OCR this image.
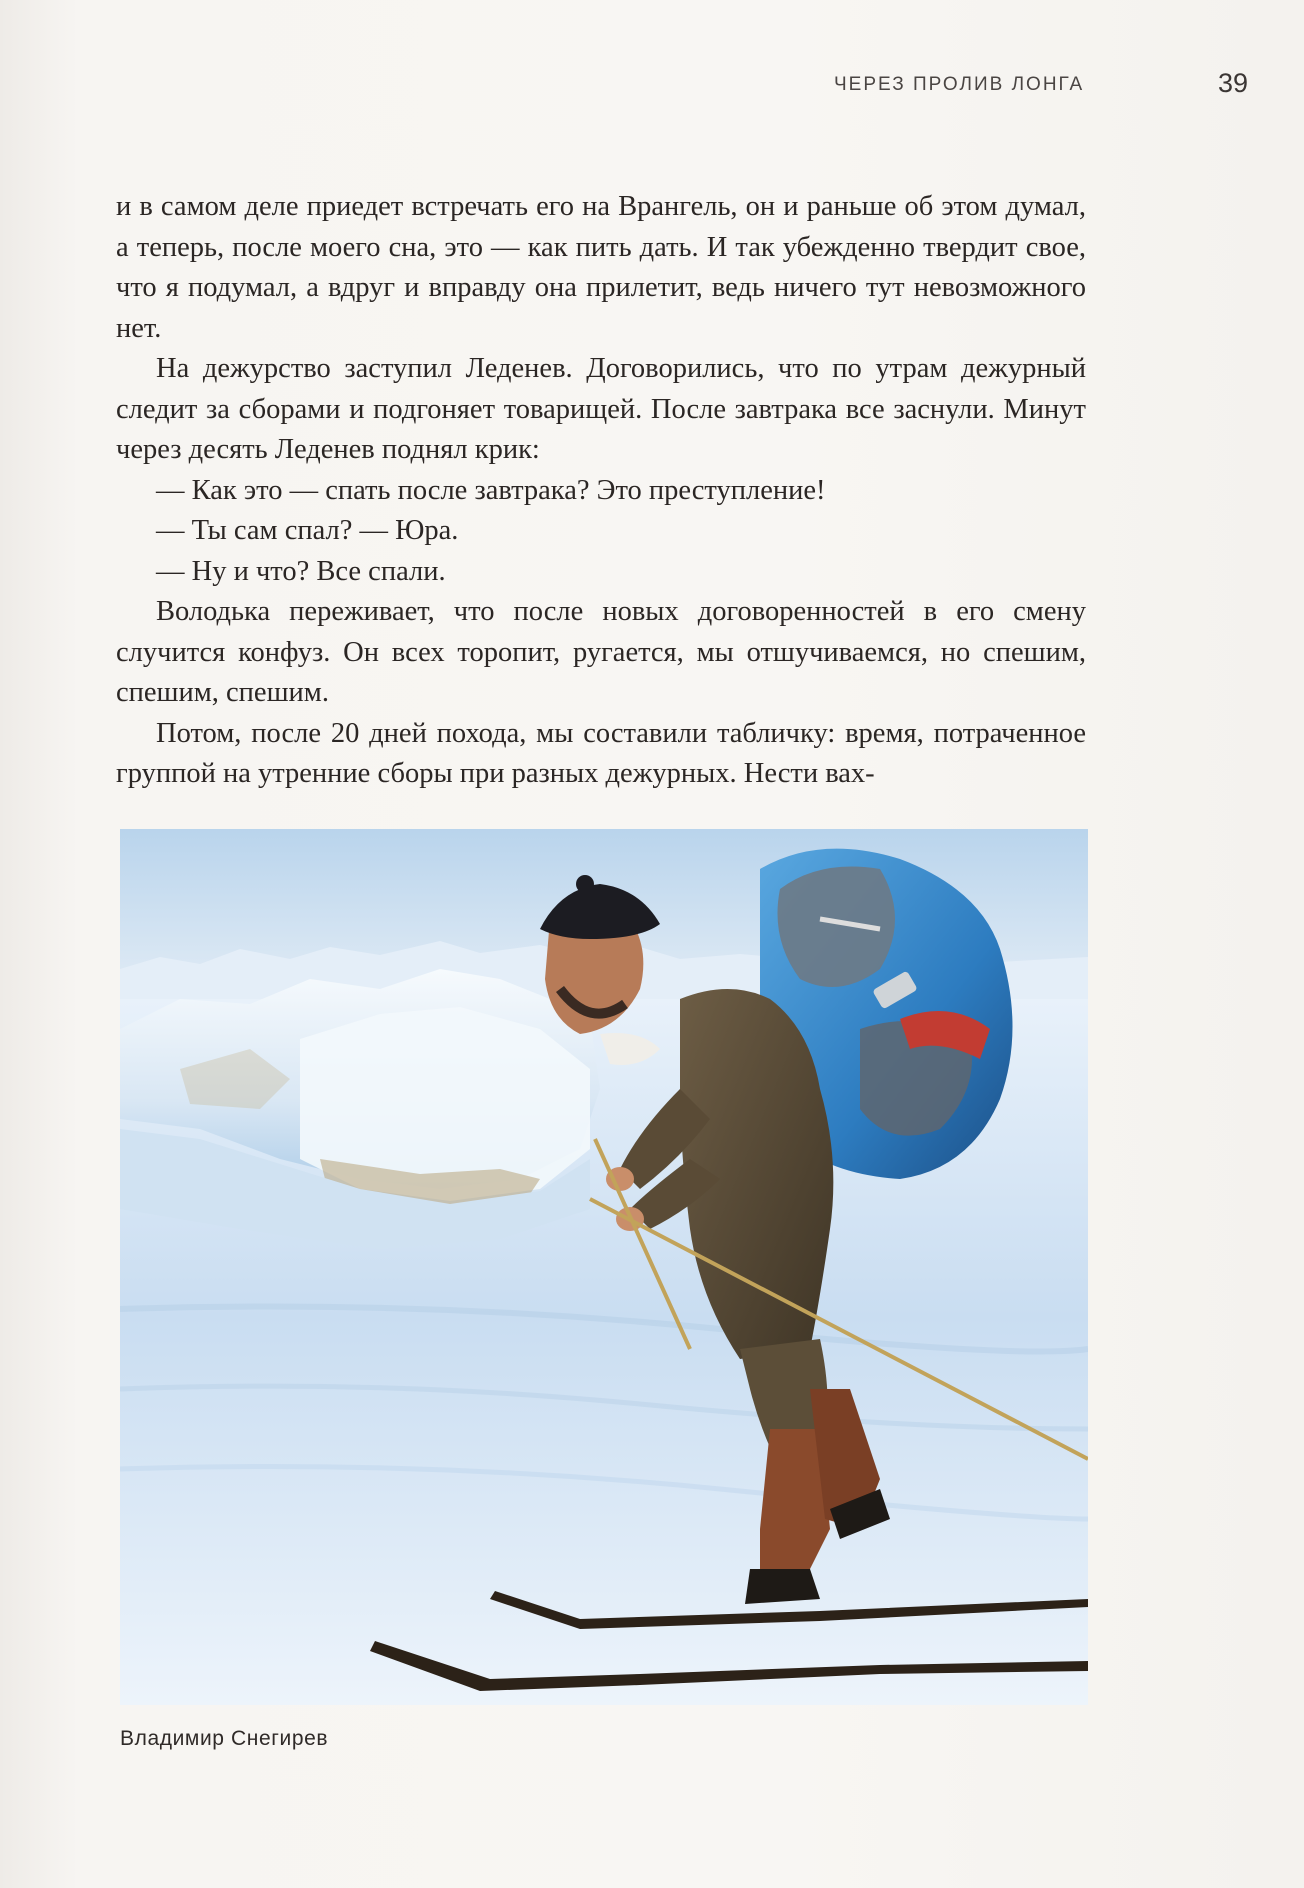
ЧЕРЕЗ ПРОЛИВ ЛОНГА	39

и в самом деле приедет встречать его на Врангель, он и раньше об этом думал, а теперь, после моего сна, это — как пить дать. И так убежденно твердит свое, что я подумал, а вдруг и вправду она прилетит, ведь ничего тут невозможного нет.

На дежурство заступил Леденев. Договорились, что по утрам дежурный следит за сборами и подгоняет товарищей. После завтрака все заснули. Минут через десять Леденев поднял крик:

— Как это — спать после завтрака? Это преступление!

— Ты сам спал? — Юра.

— Ну и что? Все спали.

Володька переживает, что после новых договоренностей в его смену случится конфуз. Он всех торопит, ругается, мы отшучиваемся, но спешим, спешим, спешим.

Потом, после 20 дней похода, мы составили табличку: время, потраченное группой на утренние сборы при разных дежурных. Нести вах-

Владимир Снегирев
